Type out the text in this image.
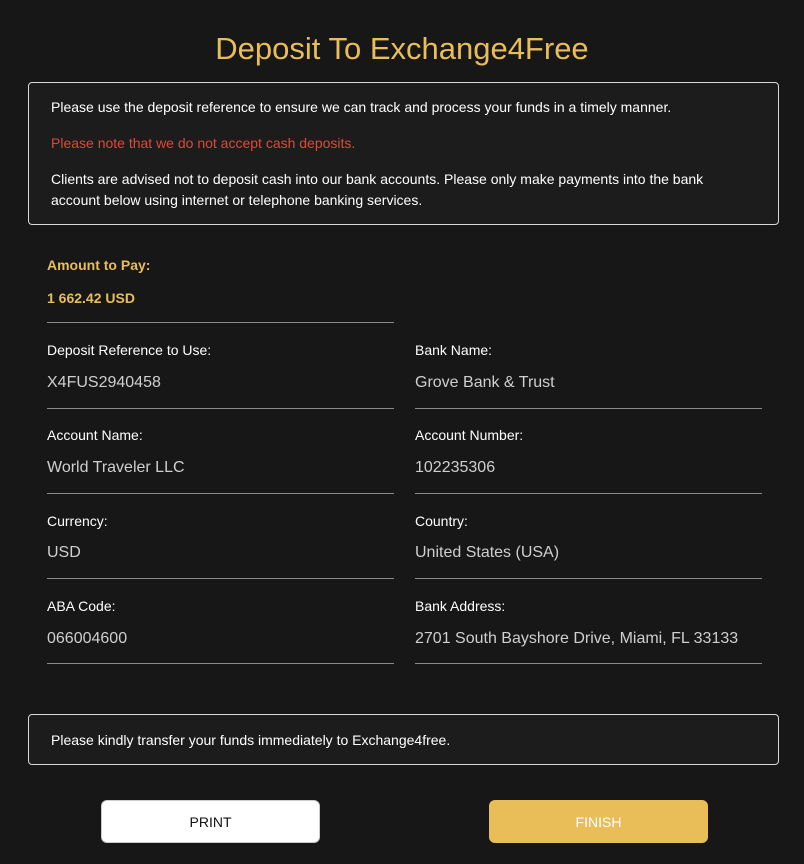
Deposit To Exchange4Free

Please use the deposit reference to ensure we can track and process your funds in a timely manner.

Please note that we do not accept cash deposits.

Clients are advised not to deposit cash into our bank accounts. Please only make payments into the bank account below using internet or telephone banking services.

Amount to Pay:
1 662.42 USD
Deposit Reference to Use:
X4FUS2940458
Bank Name:
Grove Bank & Trust
Account Name:
World Traveler LLC
Account Number:
102235306
Currency:
USD
Country:
United States (USA)
ABA Code:
066004600
Bank Address:
2701 South Bayshore Drive, Miami, FL 33133
Please kindly transfer your funds immediately to Exchange4free.
PRINT	FINISH
